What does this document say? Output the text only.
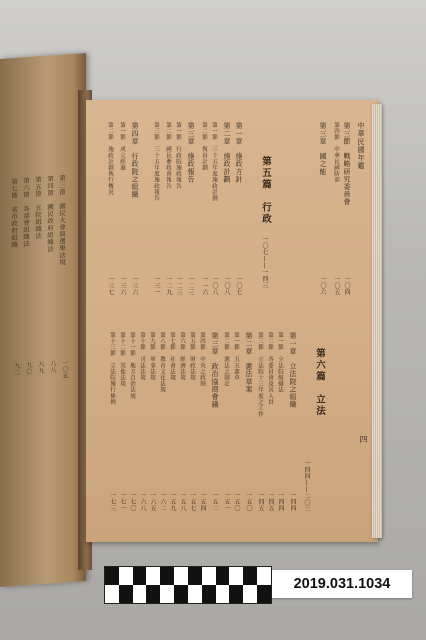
第三節　國民大會與選舉法規
第四節　國民政府組織法
第五節　五院組織法
第六節　各部會組織法
第七節　省市政府組織
一〇五
八八
八九
九〇
九二
中華民國年鑑
四
第三節　戰略研究委員會
一〇四
第四節　中華民國防部
一〇五
第三章　國之能
一〇六
第五篇　行政
一〇七——一四三
第一章　施政方針
一〇七
第二章　施政計劃
一〇八
第一節　三十五年度施政計劃
一〇八
第二節　復員計劃
一一六
第三章　施政報告
一二三
第一節　行政院施政報告
一二三
第二節　國民參政會報告
一二九
第三節　三十五年度施政報告
一三一
第四章　行政院之組織
一三六
第一節　成立經過
一三六
第二節　施政計劃執行概況
一三七
第六篇　立法
一四四——二〇二
第一章　立法院之組織
一四四
第一節　立法院組織法
一四四
第二節　各委員會及其人員
一四五
第三節　立法院十三年度之工作
一四五
第二章　憲法草案
一五〇
第一節　五五憲草
一五〇
第二節　憲法之制定
一五一
第三章　政治協商會議
一五二
第四節　中央之政制
一五四
第五節　財政法規
一五七
第六節　經濟法規
一五八
第七節　社會法規
一五九
第八節　教育文化法規
一六二
第九節　軍事法規
一六五
第十節　司法法規
一六八
第十一節　地方自治法規
一七〇
第十二節　其他法規
一七一
第十三節　立法院施行條例
一七三
2019.031.1034
